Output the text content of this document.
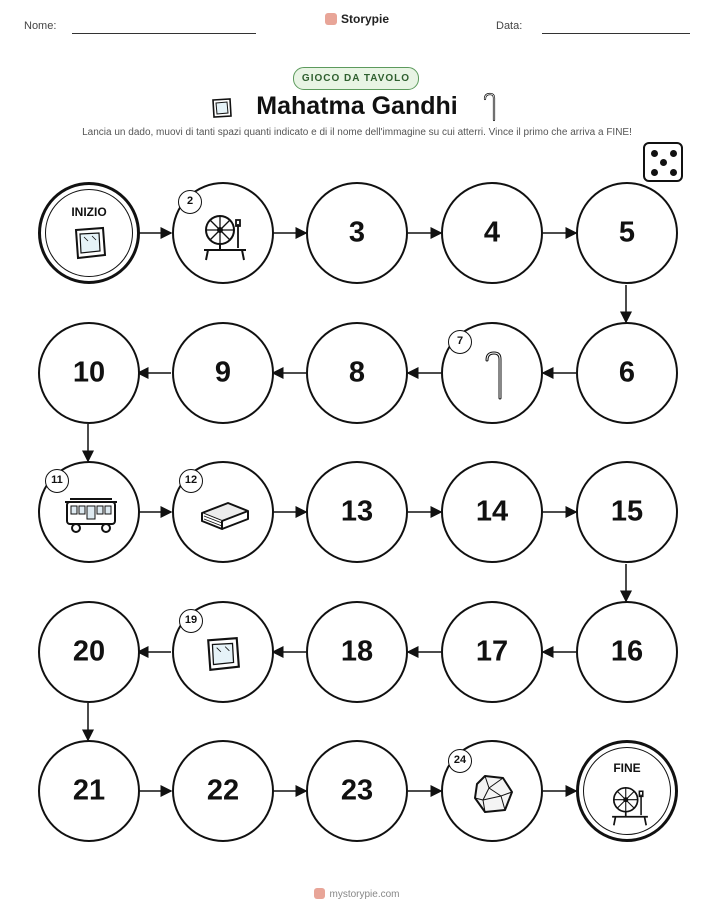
Nome:	Storypie	Data:
GIOCO DA TAVOLO
Mahatma Gandhi
Lancia un dado, muovi di tanti spazi quanti indicato e di il nome dell'immagine su cui atterri. Vince il primo che arriva a FINE!
INIZIO
2
3	4	5
6
7
8
9
10
11	12
13	14	15
16
17
18
19
20
21	22	23
24
FINE
mystorypie.com
